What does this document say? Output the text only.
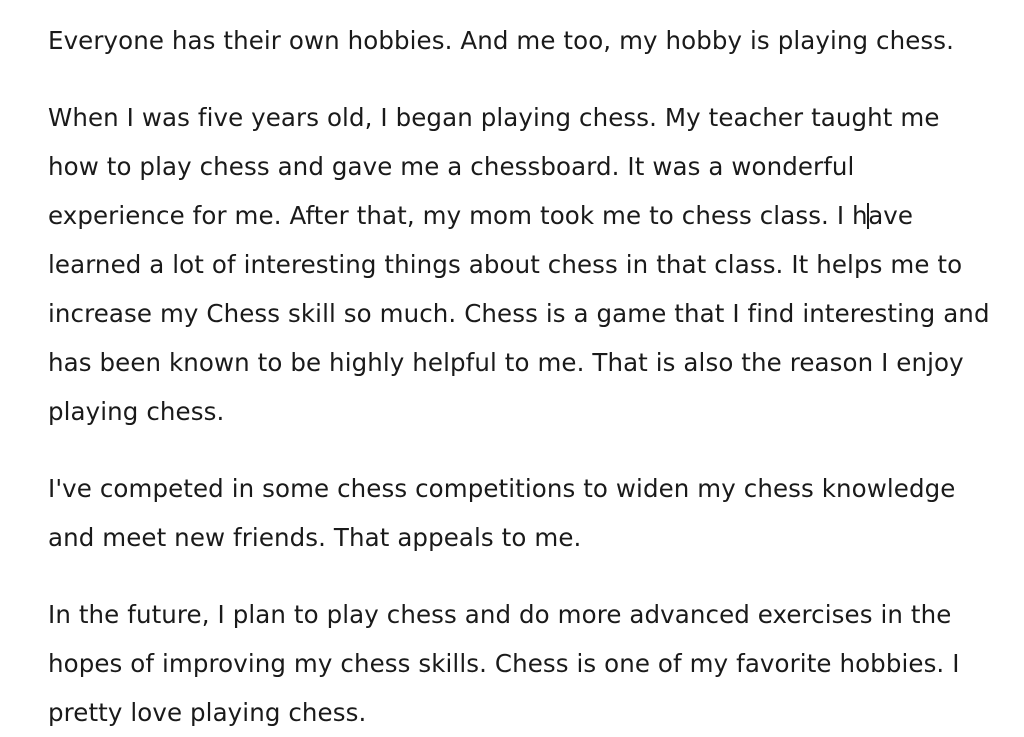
Everyone has their own hobbies. And me too, my hobby is playing chess.

When I was five years old, I began playing chess. My teacher taught me how to play chess and gave me a chessboard. It was a wonderful experience for me. After that, my mom took me to chess class. I have learned a lot of interesting things about chess in that class. It helps me to increase my Chess skill so much. Chess is a game that I find interesting and has been known to be highly helpful to me. That is also the reason I enjoy playing chess.

I've competed in some chess competitions to widen my chess knowledge and meet new friends. That appeals to me.

In the future, I plan to play chess and do more advanced exercises in the hopes of improving my chess skills. Chess is one of my favorite hobbies. I pretty love playing chess.
